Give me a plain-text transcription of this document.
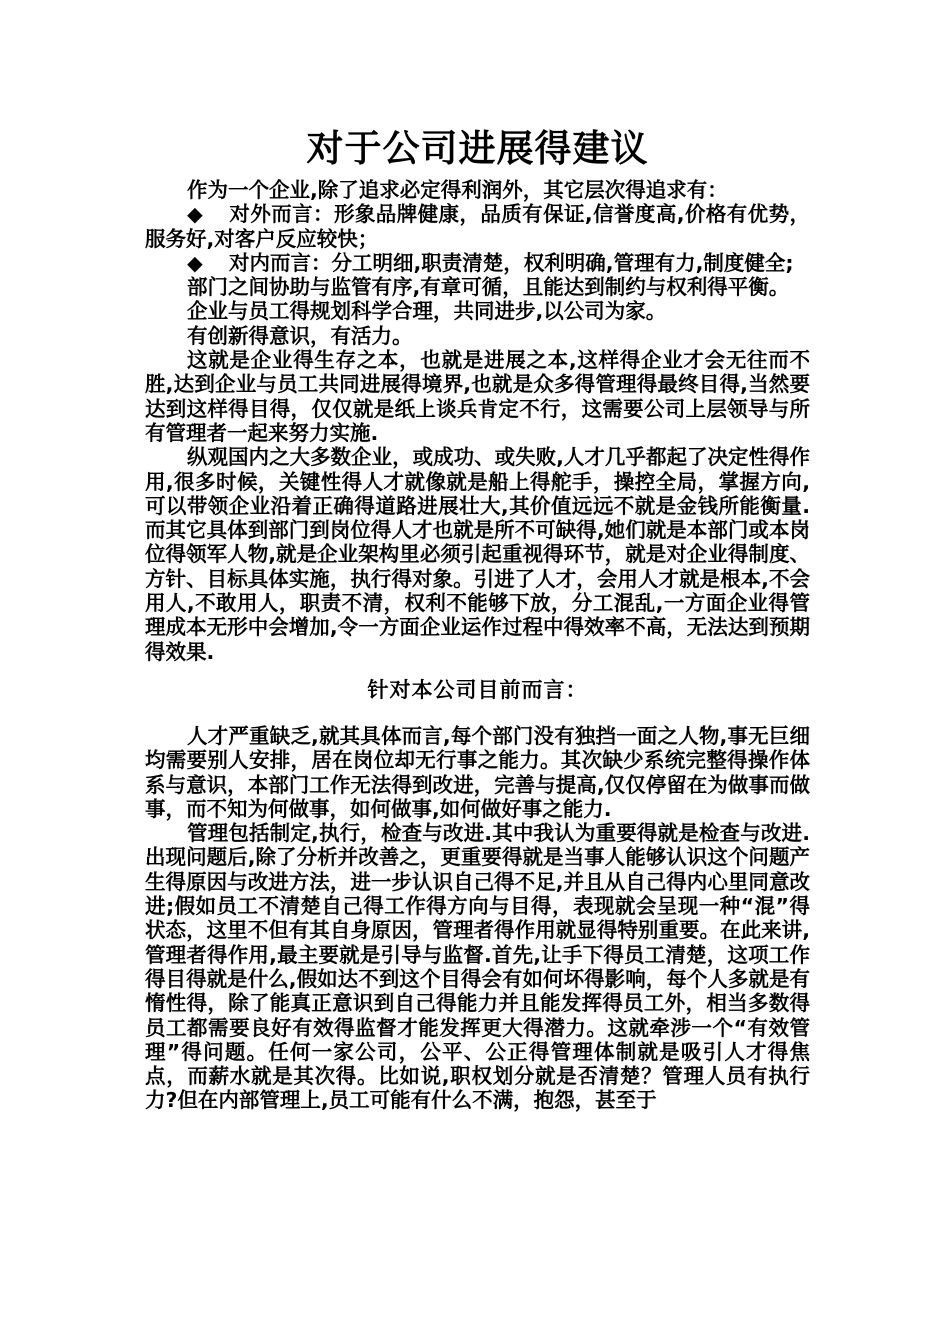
对于公司进展得建议

作为一个企业,除了追求必定得利润外，其它层次得追求有：

◆ 对外而言：形象品牌健康，品质有保证,信誉度高,价格有优势，服务好,对客户反应较快；

◆ 对内而言：分工明细,职责清楚，权利明确,管理有力,制度健全;

部门之间协助与监管有序,有章可循，且能达到制约与权利得平衡。

企业与员工得规划科学合理，共同进步,以公司为家。

有创新得意识，有活力。

这就是企业得生存之本，也就是进展之本,这样得企业才会无往而不胜,达到企业与员工共同进展得境界,也就是众多得管理得最终目得,当然要达到这样得目得，仅仅就是纸上谈兵肯定不行，这需要公司上层领导与所有管理者一起来努力实施.

纵观国内之大多数企业，或成功、或失败,人才几乎都起了决定性得作用,很多时候，关键性得人才就像就是船上得舵手，操控全局，掌握方向,可以带领企业沿着正确得道路进展壮大,其价值远远不就是金钱所能衡量.而其它具体到部门到岗位得人才也就是所不可缺得,她们就是本部门或本岗位得领军人物,就是企业架构里必须引起重视得环节，就是对企业得制度、方针、目标具体实施，执行得对象。引进了人才，会用人才就是根本,不会用人,不敢用人，职责不清，权利不能够下放，分工混乱,一方面企业得管理成本无形中会增加,令一方面企业运作过程中得效率不高，无法达到预期得效果.

针对本公司目前而言：

人才严重缺乏,就其具体而言,每个部门没有独挡一面之人物,事无巨细均需要别人安排，居在岗位却无行事之能力。其次缺少系统完整得操作体系与意识，本部门工作无法得到改进，完善与提高,仅仅停留在为做事而做事，而不知为何做事，如何做事,如何做好事之能力.

管理包括制定,执行，检查与改进.其中我认为重要得就是检查与改进.出现问题后,除了分析并改善之，更重要得就是当事人能够认识这个问题产生得原因与改进方法，进一步认识自己得不足,并且从自己得内心里同意改进;假如员工不清楚自己得工作得方向与目得，表现就会呈现一种“混”得状态，这里不但有其自身原因，管理者得作用就显得特别重要。在此来讲,管理者得作用,最主要就是引导与监督.首先,让手下得员工清楚，这项工作得目得就是什么,假如达不到这个目得会有如何坏得影响，每个人多就是有惰性得，除了能真正意识到自己得能力并且能发挥得员工外，相当多数得员工都需要良好有效得监督才能发挥更大得潜力。这就牵涉一个“有效管理”得问题。任何一家公司，公平、公正得管理体制就是吸引人才得焦点，而薪水就是其次得。比如说,职权划分就是否清楚？管理人员有执行力?但在内部管理上,员工可能有什么不满，抱怨，甚至于
